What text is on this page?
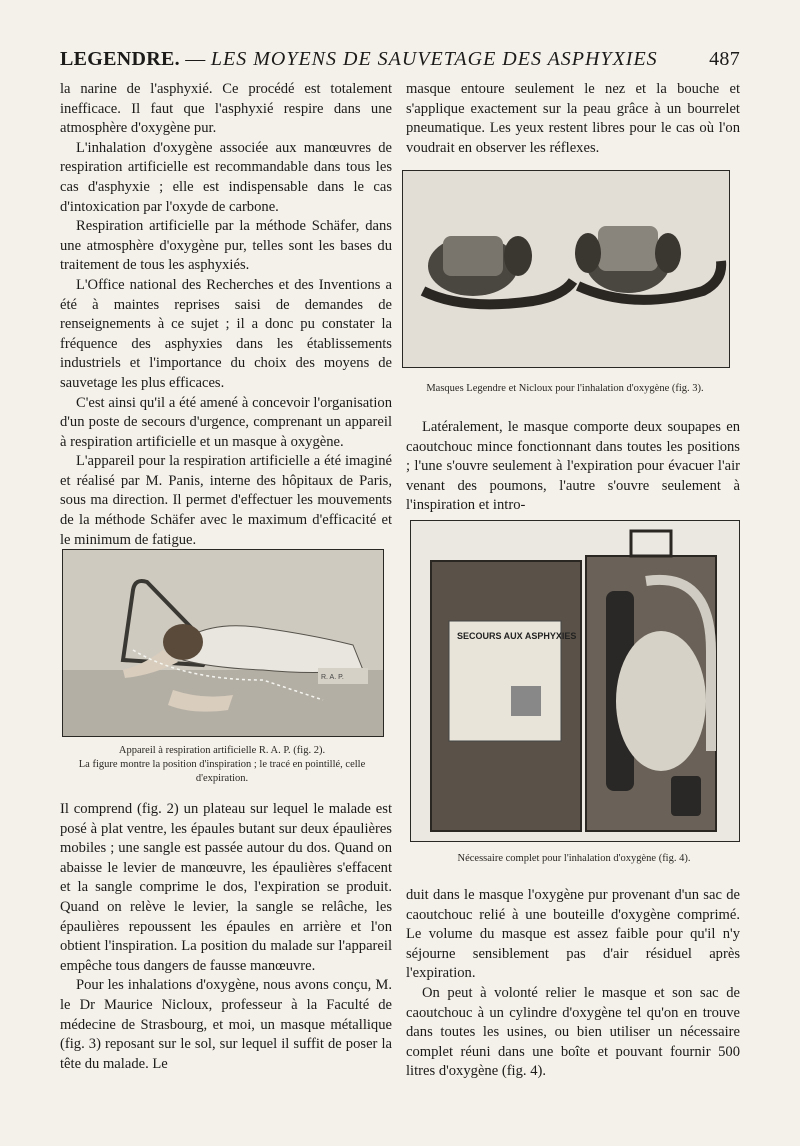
LEGENDRE. — LES MOYENS DE SAUVETAGE DES ASPHYXIES	487

la narine de l'asphyxié. Ce procédé est totalement inefficace. Il faut que l'asphyxié respire dans une atmosphère d'oxygène pur.

L'inhalation d'oxygène associée aux manœuvres de respiration artificielle est recommandable dans tous les cas d'asphyxie ; elle est indispensable dans le cas d'intoxication par l'oxyde de carbone.

Respiration artificielle par la méthode Schäfer, dans une atmosphère d'oxygène pur, telles sont les bases du traitement de tous les asphyxiés.

L'Office national des Recherches et des Inventions a été à maintes reprises saisi de demandes de renseignements à ce sujet ; il a donc pu constater la fréquence des asphyxies dans les établissements industriels et l'importance du choix des moyens de sauvetage les plus efficaces.

C'est ainsi qu'il a été amené à concevoir l'organisation d'un poste de secours d'urgence, comprenant un appareil à respiration artificielle et un masque à oxygène.

L'appareil pour la respiration artificielle a été imaginé et réalisé par M. Panis, interne des hôpitaux de Paris, sous ma direction. Il permet d'effectuer les mouvements de la méthode Schäfer avec le maximum d'efficacité et le minimum de fatigue.

R. A. P.
Appareil à respiration artificielle R. A. P. (fig. 2).
La figure montre la position d'inspiration ; le tracé en pointillé, celle d'expiration.

Il comprend (fig. 2) un plateau sur lequel le malade est posé à plat ventre, les épaules butant sur deux épaulières mobiles ; une sangle est passée autour du dos. Quand on abaisse le levier de manœuvre, les épaulières s'effacent et la sangle comprime le dos, l'expiration se produit. Quand on relève le levier, la sangle se relâche, les épaulières repoussent les épaules en arrière et l'on obtient l'inspiration. La position du malade sur l'appareil empêche tous dangers de fausse manœuvre.

Pour les inhalations d'oxygène, nous avons conçu, M. le Dr Maurice Nicloux, professeur à la Faculté de médecine de Strasbourg, et moi, un masque métallique (fig. 3) reposant sur le sol, sur lequel il suffit de poser la tête du malade. Le

masque entoure seulement le nez et la bouche et s'applique exactement sur la peau grâce à un bourrelet pneumatique. Les yeux restent libres pour le cas où l'on voudrait en observer les réflexes.

Masques Legendre et Nicloux pour l'inhalation d'oxygène (fig. 3).

Latéralement, le masque comporte deux soupapes en caoutchouc mince fonctionnant dans toutes les positions ; l'une s'ouvre seulement à l'expiration pour évacuer l'air venant des poumons, l'autre s'ouvre seulement à l'inspiration et intro-

SECOURS AUX ASPHYXIES
Nécessaire complet pour l'inhalation d'oxygène (fig. 4).

duit dans le masque l'oxygène pur provenant d'un sac de caoutchouc relié à une bouteille d'oxygène comprimé. Le volume du masque est assez faible pour qu'il n'y séjourne sensiblement pas d'air résiduel après l'expiration.

On peut à volonté relier le masque et son sac de caoutchouc à un cylindre d'oxygène tel qu'on en trouve dans toutes les usines, ou bien utiliser un nécessaire complet réuni dans une boîte et pouvant fournir 500 litres d'oxygène (fig. 4).
